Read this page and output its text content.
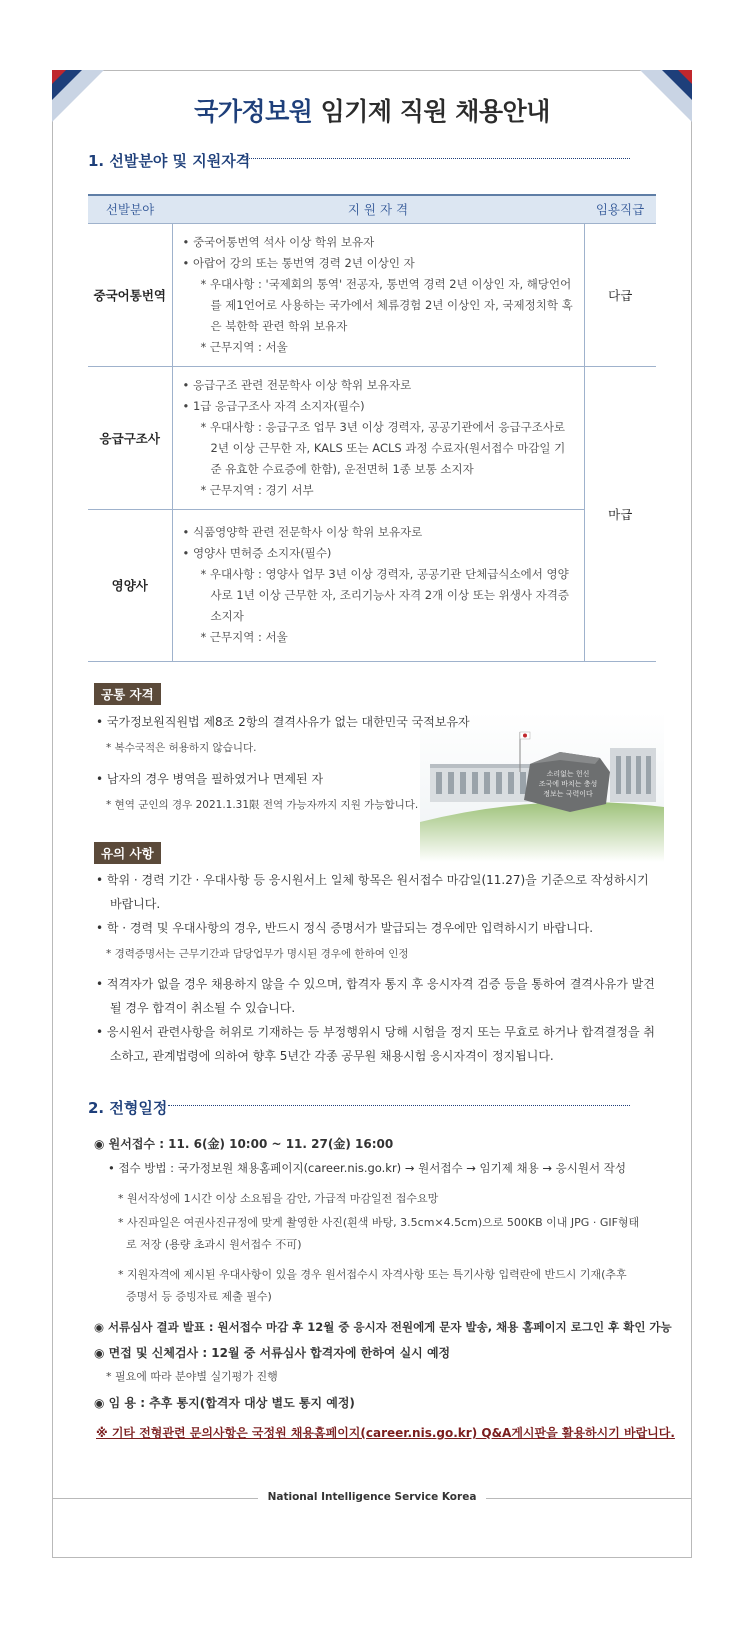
국가정보원 임기제 직원 채용안내
1. 선발분야 및 지원자격
선발분야	지 원 자 격	임용직급
중국어통번역	• 중국어통번역 석사 이상 학위 보유자
• 아랍어 강의 또는 통번역 경력 2년 이상인 자
* 우대사항 : '국제회의 통역' 전공자, 통번역 경력 2년 이상인 자, 해당언어를 제1언어로 사용하는 국가에서 체류경험 2년 이상인 자, 국제정치학 혹은 북한학 관련 학위 보유자
* 근무지역 : 서울	다급
응급구조사	• 응급구조 관련 전문학사 이상 학위 보유자로
• 1급 응급구조사 자격 소지자(필수)
* 우대사항 : 응급구조 업무 3년 이상 경력자, 공공기관에서 응급구조사로 2년 이상 근무한 자, KALS 또는 ACLS 과정 수료자(원서접수 마감일 기준 유효한 수료증에 한함), 운전면허 1종 보통 소지자
* 근무지역 : 경기 서부	마급
영양사	• 식품영양학 관련 전문학사 이상 학위 보유자로
• 영양사 면허증 소지자(필수)
* 우대사항 : 영양사 업무 3년 이상 경력자, 공공기관 단체급식소에서 영양사로 1년 이상 근무한 자, 조리기능사 자격 2개 이상 또는 위생사 자격증 소지자
* 근무지역 : 서울	
소리없는 헌신
조국에 바치는 충성
정보는 국력이다
공통 자격
• 국가정보원직원법 제8조 2항의 결격사유가 없는 대한민국 국적보유자
* 복수국적은 허용하지 않습니다.
• 남자의 경우 병역을 필하였거나 면제된 자
* 현역 군인의 경우 2021.1.31限 전역 가능자까지 지원 가능합니다.
유의 사항
• 학위 · 경력 기간 · 우대사항 등 응시원서上 일체 항목은 원서접수 마감일(11.27)을 기준으로 작성하시기 바랍니다.
• 학 · 경력 및 우대사항의 경우, 반드시 정식 증명서가 발급되는 경우에만 입력하시기 바랍니다.
* 경력증명서는 근무기간과 담당업무가 명시된 경우에 한하여 인정
• 적격자가 없을 경우 채용하지 않을 수 있으며, 합격자 통지 후 응시자격 검증 등을 통하여 결격사유가 발견될 경우 합격이 취소될 수 있습니다.
• 응시원서 관련사항을 허위로 기재하는 등 부정행위시 당해 시험을 정지 또는 무효로 하거나 합격결정을 취소하고, 관계법령에 의하여 향후 5년간 각종 공무원 채용시험 응시자격이 정지됩니다.
2. 전형일정
◉ 원서접수 : 11. 6(金) 10:00 ~ 11. 27(金) 16:00
• 접수 방법 : 국가정보원 채용홈페이지(career.nis.go.kr) → 원서접수 → 임기제 채용 → 응시원서 작성
* 원서작성에 1시간 이상 소요됨을 감안, 가급적 마감일전 접수요망
* 사진파일은 여권사진규정에 맞게 촬영한 사진(흰색 바탕, 3.5cm×4.5cm)으로 500KB 이내 JPG · GIF형태로 저장 (용량 초과시 원서접수 不可)
* 지원자격에 제시된 우대사항이 있을 경우 원서접수시 자격사항 또는 특기사항 입력란에 반드시 기재(추후 증명서 등 증빙자료 제출 필수)
◉ 서류심사 결과 발표 : 원서접수 마감 후 12월 중 응시자 전원에게 문자 발송, 채용 홈페이지 로그인 후 확인 가능
◉ 면접 및 신체검사 : 12월 중 서류심사 합격자에 한하여 실시 예정
* 필요에 따라 분야별 실기평가 진행
◉ 임 용 : 추후 통지(합격자 대상 별도 통지 예정)
※ 기타 전형관련 문의사항은 국정원 채용홈페이지(career.nis.go.kr) Q&A게시판을 활용하시기 바랍니다.
National Intelligence Service Korea
